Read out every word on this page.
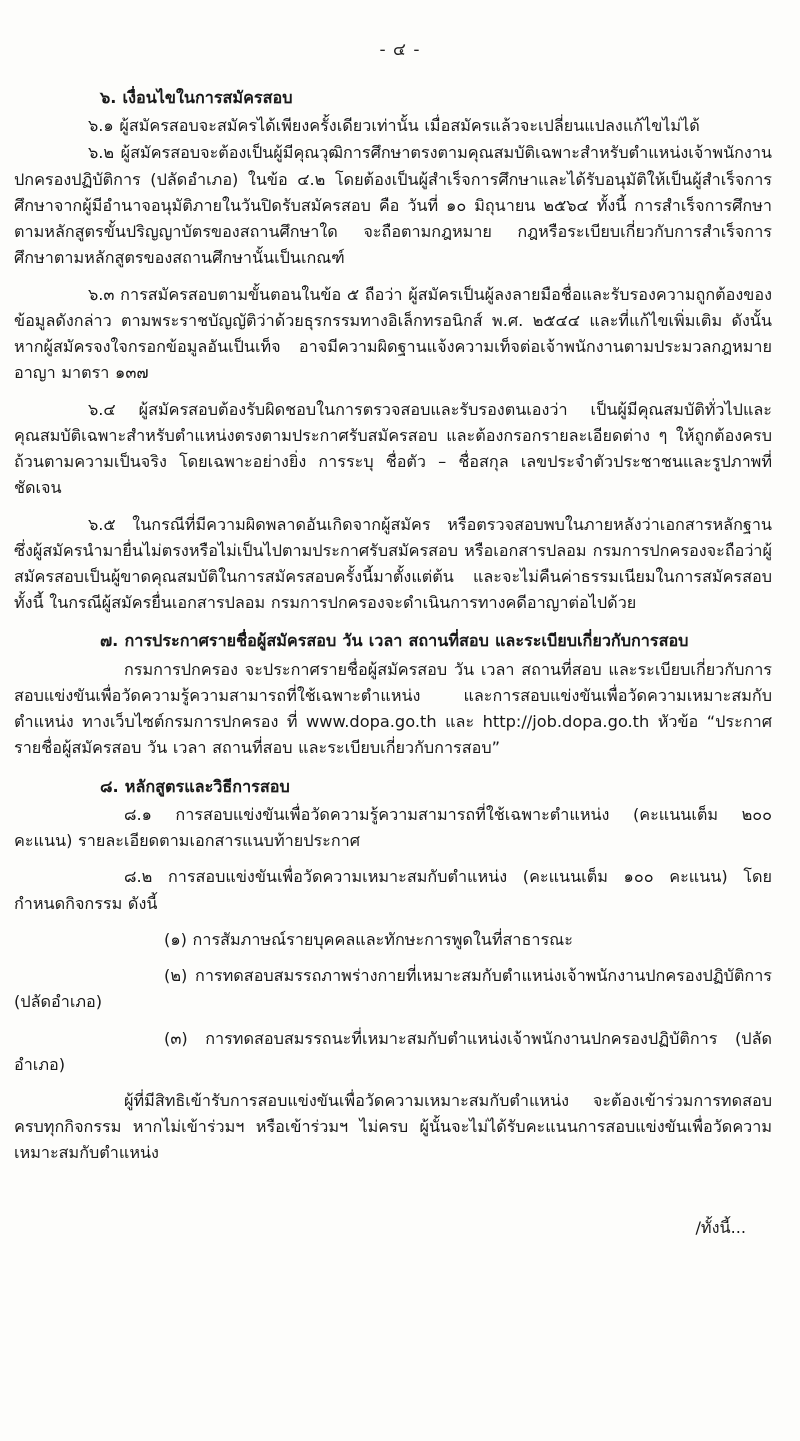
- ๔ -

๖. เงื่อนไขในการสมัครสอบ

๖.๑ ผู้สมัครสอบจะสมัครได้เพียงครั้งเดียวเท่านั้น เมื่อสมัครแล้วจะเปลี่ยนแปลงแก้ไขไม่ได้

๖.๒ ผู้สมัครสอบจะต้องเป็นผู้มีคุณวุฒิการศึกษาตรงตามคุณสมบัติเฉพาะสำหรับตำแหน่งเจ้าพนักงานปกครองปฏิบัติการ (ปลัดอำเภอ) ในข้อ ๔.๒ โดยต้องเป็นผู้สำเร็จการศึกษาและได้รับอนุมัติให้เป็นผู้สำเร็จการศึกษาจากผู้มีอำนาจอนุมัติภายในวันปิดรับสมัครสอบ คือ วันที่ ๑๐ มิถุนายน ๒๕๖๔ ทั้งนี้ การสำเร็จการศึกษาตามหลักสูตรขั้นปริญญาบัตรของสถานศึกษาใด จะถือตามกฎหมาย กฎหรือระเบียบเกี่ยวกับการสำเร็จการศึกษาตามหลักสูตรของสถานศึกษานั้นเป็นเกณฑ์

๖.๓ การสมัครสอบตามขั้นตอนในข้อ ๕ ถือว่า ผู้สมัครเป็นผู้ลงลายมือชื่อและรับรองความถูกต้องของข้อมูลดังกล่าว ตามพระราชบัญญัติว่าด้วยธุรกรรมทางอิเล็กทรอนิกส์ พ.ศ. ๒๕๔๔ และที่แก้ไขเพิ่มเติม ดังนั้น หากผู้สมัครจงใจกรอกข้อมูลอันเป็นเท็จ อาจมีความผิดฐานแจ้งความเท็จต่อเจ้าพนักงานตามประมวลกฎหมายอาญา มาตรา ๑๓๗

๖.๔ ผู้สมัครสอบต้องรับผิดชอบในการตรวจสอบและรับรองตนเองว่า เป็นผู้มีคุณสมบัติทั่วไปและคุณสมบัติเฉพาะสำหรับตำแหน่งตรงตามประกาศรับสมัครสอบ และต้องกรอกรายละเอียดต่าง ๆ ให้ถูกต้องครบถ้วนตามความเป็นจริง โดยเฉพาะอย่างยิ่ง การระบุ ชื่อตัว – ชื่อสกุล เลขประจำตัวประชาชนและรูปภาพที่ชัดเจน

๖.๕ ในกรณีที่มีความผิดพลาดอันเกิดจากผู้สมัคร หรือตรวจสอบพบในภายหลังว่าเอกสารหลักฐาน ซึ่งผู้สมัครนำมายื่นไม่ตรงหรือไม่เป็นไปตามประกาศรับสมัครสอบ หรือเอกสารปลอม กรมการปกครองจะถือว่าผู้สมัครสอบเป็นผู้ขาดคุณสมบัติในการสมัครสอบครั้งนี้มาตั้งแต่ต้น และจะไม่คืนค่าธรรมเนียมในการสมัครสอบ ทั้งนี้ ในกรณีผู้สมัครยื่นเอกสารปลอม กรมการปกครองจะดำเนินการทางคดีอาญาต่อไปด้วย

๗. การประกาศรายชื่อผู้สมัครสอบ วัน เวลา สถานที่สอบ และระเบียบเกี่ยวกับการสอบ

กรมการปกครอง จะประกาศรายชื่อผู้สมัครสอบ วัน เวลา สถานที่สอบ และระเบียบเกี่ยวกับการสอบแข่งขันเพื่อวัดความรู้ความสามารถที่ใช้เฉพาะตำแหน่ง และการสอบแข่งขันเพื่อวัดความเหมาะสมกับตำแหน่ง ทางเว็บไซต์กรมการปกครอง ที่ www.dopa.go.th และ http://job.dopa.go.th หัวข้อ “ประกาศรายชื่อผู้สมัครสอบ วัน เวลา สถานที่สอบ และระเบียบเกี่ยวกับการสอบ”

๘. หลักสูตรและวิธีการสอบ

๘.๑ การสอบแข่งขันเพื่อวัดความรู้ความสามารถที่ใช้เฉพาะตำแหน่ง (คะแนนเต็ม ๒๐๐ คะแนน) รายละเอียดตามเอกสารแนบท้ายประกาศ

๘.๒ การสอบแข่งขันเพื่อวัดความเหมาะสมกับตำแหน่ง (คะแนนเต็ม ๑๐๐ คะแนน) โดยกำหนดกิจกรรม ดังนี้

(๑) การสัมภาษณ์รายบุคคลและทักษะการพูดในที่สาธารณะ

(๒) การทดสอบสมรรถภาพร่างกายที่เหมาะสมกับตำแหน่งเจ้าพนักงานปกครองปฏิบัติการ (ปลัดอำเภอ)

(๓) การทดสอบสมรรถนะที่เหมาะสมกับตำแหน่งเจ้าพนักงานปกครองปฏิบัติการ (ปลัดอำเภอ)

ผู้ที่มีสิทธิเข้ารับการสอบแข่งขันเพื่อวัดความเหมาะสมกับตำแหน่ง จะต้องเข้าร่วมการทดสอบครบทุกกิจกรรม หากไม่เข้าร่วมฯ หรือเข้าร่วมฯ ไม่ครบ ผู้นั้นจะไม่ได้รับคะแนนการสอบแข่งขันเพื่อวัดความเหมาะสมกับตำแหน่ง

/ทั้งนี้...
